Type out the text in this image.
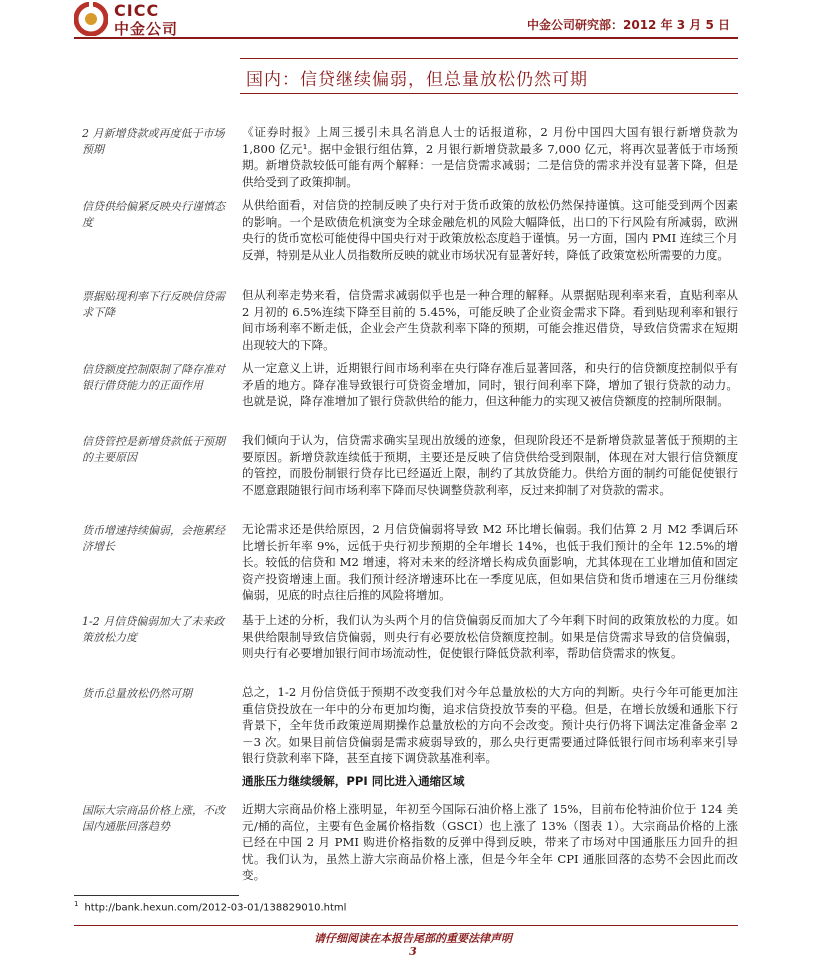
CICC
中金公司	中金公司研究部：2012 年 3 月 5 日
国内：信贷继续偏弱，但总量放松仍然可期
2 月新增贷款或再度低于市场预期
《证券时报》上周三援引未具名消息人士的话报道称，2 月份中国四大国有银行新增贷款为 1,800 亿元¹。据中金银行组估算，2 月银行新增贷款最多 7,000 亿元，将再次显著低于市场预期。新增贷款较低可能有两个解释：一是信贷需求减弱；二是信贷的需求并没有显著下降，但是供给受到了政策抑制。
信贷供给偏紧反映央行谨慎态度
从供给面看，对信贷的控制反映了央行对于货币政策的放松仍然保持谨慎。这可能受到两个因素的影响。一个是欧债危机演变为全球金融危机的风险大幅降低，出口的下行风险有所减弱，欧洲央行的货币宽松可能使得中国央行对于政策放松态度趋于谨慎。另一方面，国内 PMI 连续三个月反弹，特别是从业人员指数所反映的就业市场状况有显著好转，降低了政策宽松所需要的力度。
票据贴现利率下行反映信贷需求下降
但从利率走势来看，信贷需求减弱似乎也是一种合理的解释。从票据贴现利率来看，直贴利率从 2 月初的 6.5%连续下降至目前的 5.45%，可能反映了企业资金需求下降。看到贴现利率和银行间市场利率不断走低，企业会产生贷款利率下降的预期，可能会推迟借贷，导致信贷需求在短期出现较大的下降。
信贷额度控制限制了降存准对银行借贷能力的正面作用
从一定意义上讲，近期银行间市场利率在央行降存准后显著回落，和央行的信贷额度控制似乎有矛盾的地方。降存准导致银行可贷资金增加，同时，银行间利率下降，增加了银行贷款的动力。也就是说，降存准增加了银行贷款供给的能力，但这种能力的实现又被信贷额度的控制所限制。
信贷管控是新增贷款低于预期的主要原因
我们倾向于认为，信贷需求确实呈现出放缓的迹象，但现阶段还不是新增贷款显著低于预期的主要原因。新增贷款连续低于预期，主要还是反映了信贷供给受到限制，体现在对大银行信贷额度的管控，而股份制银行贷存比已经逼近上限，制约了其放贷能力。供给方面的制约可能促使银行不愿意跟随银行间市场利率下降而尽快调整贷款利率，反过来抑制了对贷款的需求。
货币增速持续偏弱，会拖累经济增长
无论需求还是供给原因，2 月信贷偏弱将导致 M2 环比增长偏弱。我们估算 2 月 M2 季调后环比增长折年率 9%，远低于央行初步预期的全年增长 14%，也低于我们预计的全年 12.5%的增长。较低的信贷和 M2 增速，将对未来的经济增长构成负面影响，尤其体现在工业增加值和固定资产投资增速上面。我们预计经济增速环比在一季度见底，但如果信贷和货币增速在三月份继续偏弱，见底的时点往后推的风险将增加。
1-2 月信贷偏弱加大了未来政策放松力度
基于上述的分析，我们认为头两个月的信贷偏弱反而加大了今年剩下时间的政策放松的力度。如果供给限制导致信贷偏弱，则央行有必要放松信贷额度控制。如果是信贷需求导致的信贷偏弱，则央行有必要增加银行间市场流动性，促使银行降低贷款利率，帮助信贷需求的恢复。
货币总量放松仍然可期	总之，1-2 月份信贷低于预期不改变我们对今年总量放松的大方向的判断。央行今年可能更加注重信贷投放在一年中的分布更加均衡，追求信贷投放节奏的平稳。但是，在增长放缓和通胀下行背景下，全年货币政策逆周期操作总量放松的方向不会改变。预计央行仍将下调法定准备金率 2－3 次。如果目前信贷偏弱是需求疲弱导致的，那么央行更需要通过降低银行间市场利率来引导银行贷款利率下降，甚至直接下调贷款基准利率。
通胀压力继续缓解，PPI 同比进入通缩区域
国际大宗商品价格上涨，不改国内通胀回落趋势
近期大宗商品价格上涨明显，年初至今国际石油价格上涨了 15%，目前布伦特油价位于 124 美元/桶的高位，主要有色金属价格指数（GSCI）也上涨了 13%（图表 1）。大宗商品价格的上涨已经在中国 2 月 PMI 购进价格指数的反弹中得到反映，带来了市场对中国通胀压力回升的担忧。我们认为，虽然上游大宗商品价格上涨，但是今年全年 CPI 通胀回落的态势不会因此而改变。
$^1$ http://bank.hexun.com/2012-03-01/138829010.html
请仔细阅读在本报告尾部的重要法律声明
3
